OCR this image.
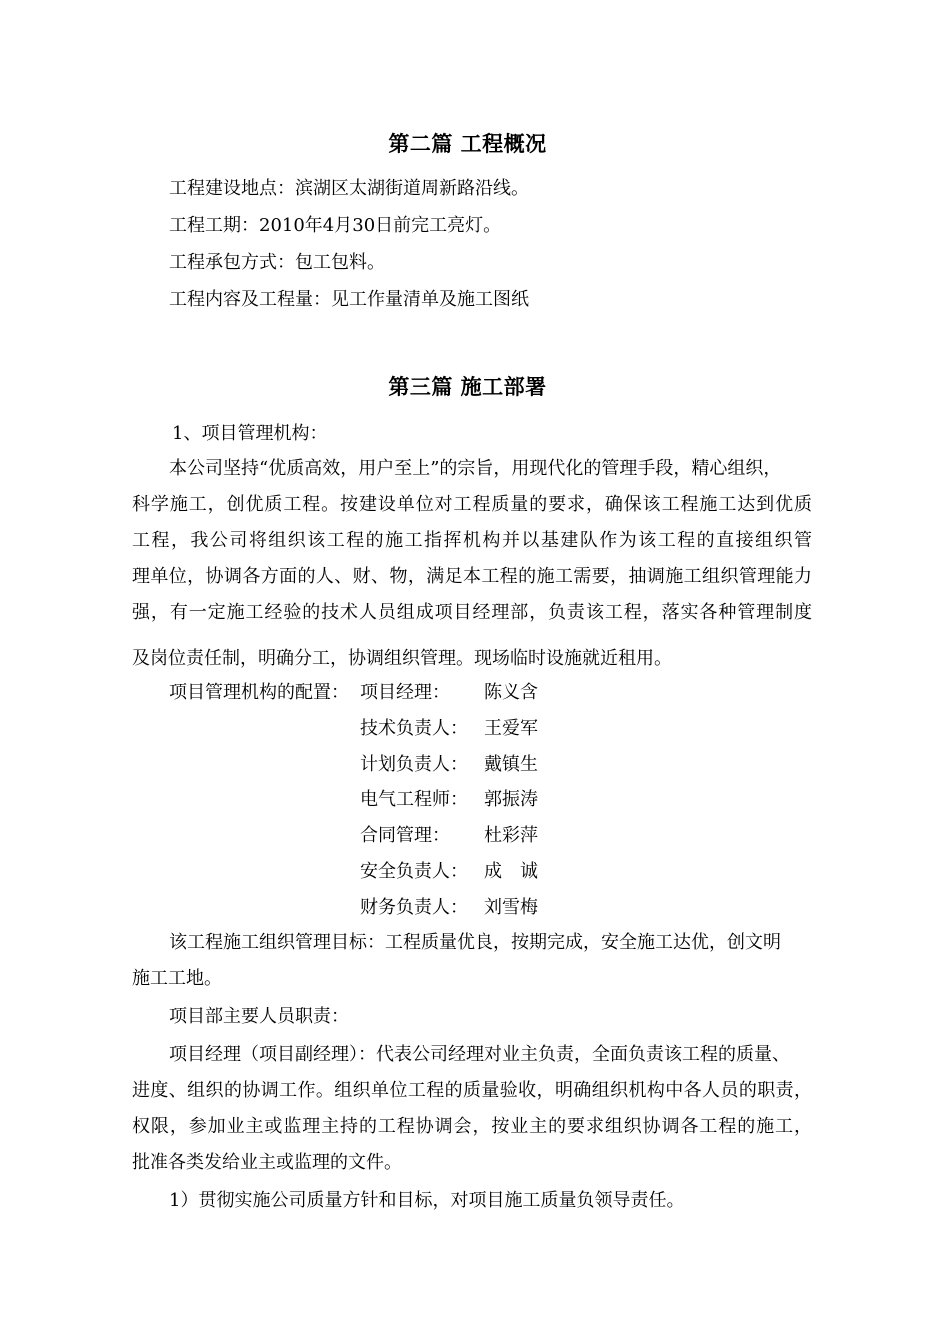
第二篇 工程概况
工程建设地点：滨湖区太湖街道周新路沿线。
工程工期：2010年4月30日前完工亮灯。
工程承包方式：包工包料。
工程内容及工程量：见工作量清单及施工图纸
第三篇 施工部署
1、项目管理机构：
本公司坚持“优质高效，用户至上”的宗旨，用现代化的管理手段，精心组织，
科学施工，创优质工程。按建设单位对工程质量的要求，确保该工程施工达到优质
工程，我公司将组织该工程的施工指挥机构并以基建队作为该工程的直接组织管
理单位，协调各方面的人、财、物，满足本工程的施工需要，抽调施工组织管理能力
强，有一定施工经验的技术人员组成项目经理部，负责该工程，落实各种管理制度
及岗位责任制，明确分工，协调组织管理。现场临时设施就近租用。
项目管理机构的配置： 项目经理： 陈义含
技术负责人： 王爱军
计划负责人： 戴镇生
电气工程师： 郭振涛
合同管理： 杜彩萍
安全负责人： 成　诚
财务负责人： 刘雪梅
该工程施工组织管理目标：工程质量优良，按期完成，安全施工达优，创文明
施工工地。
项目部主要人员职责：
项目经理（项目副经理）：代表公司经理对业主负责，全面负责该工程的质量、
进度、组织的协调工作。组织单位工程的质量验收，明确组织机构中各人员的职责，
权限，参加业主或监理主持的工程协调会，按业主的要求组织协调各工程的施工，
批准各类发给业主或监理的文件。
1）贯彻实施公司质量方针和目标，对项目施工质量负领导责任。
